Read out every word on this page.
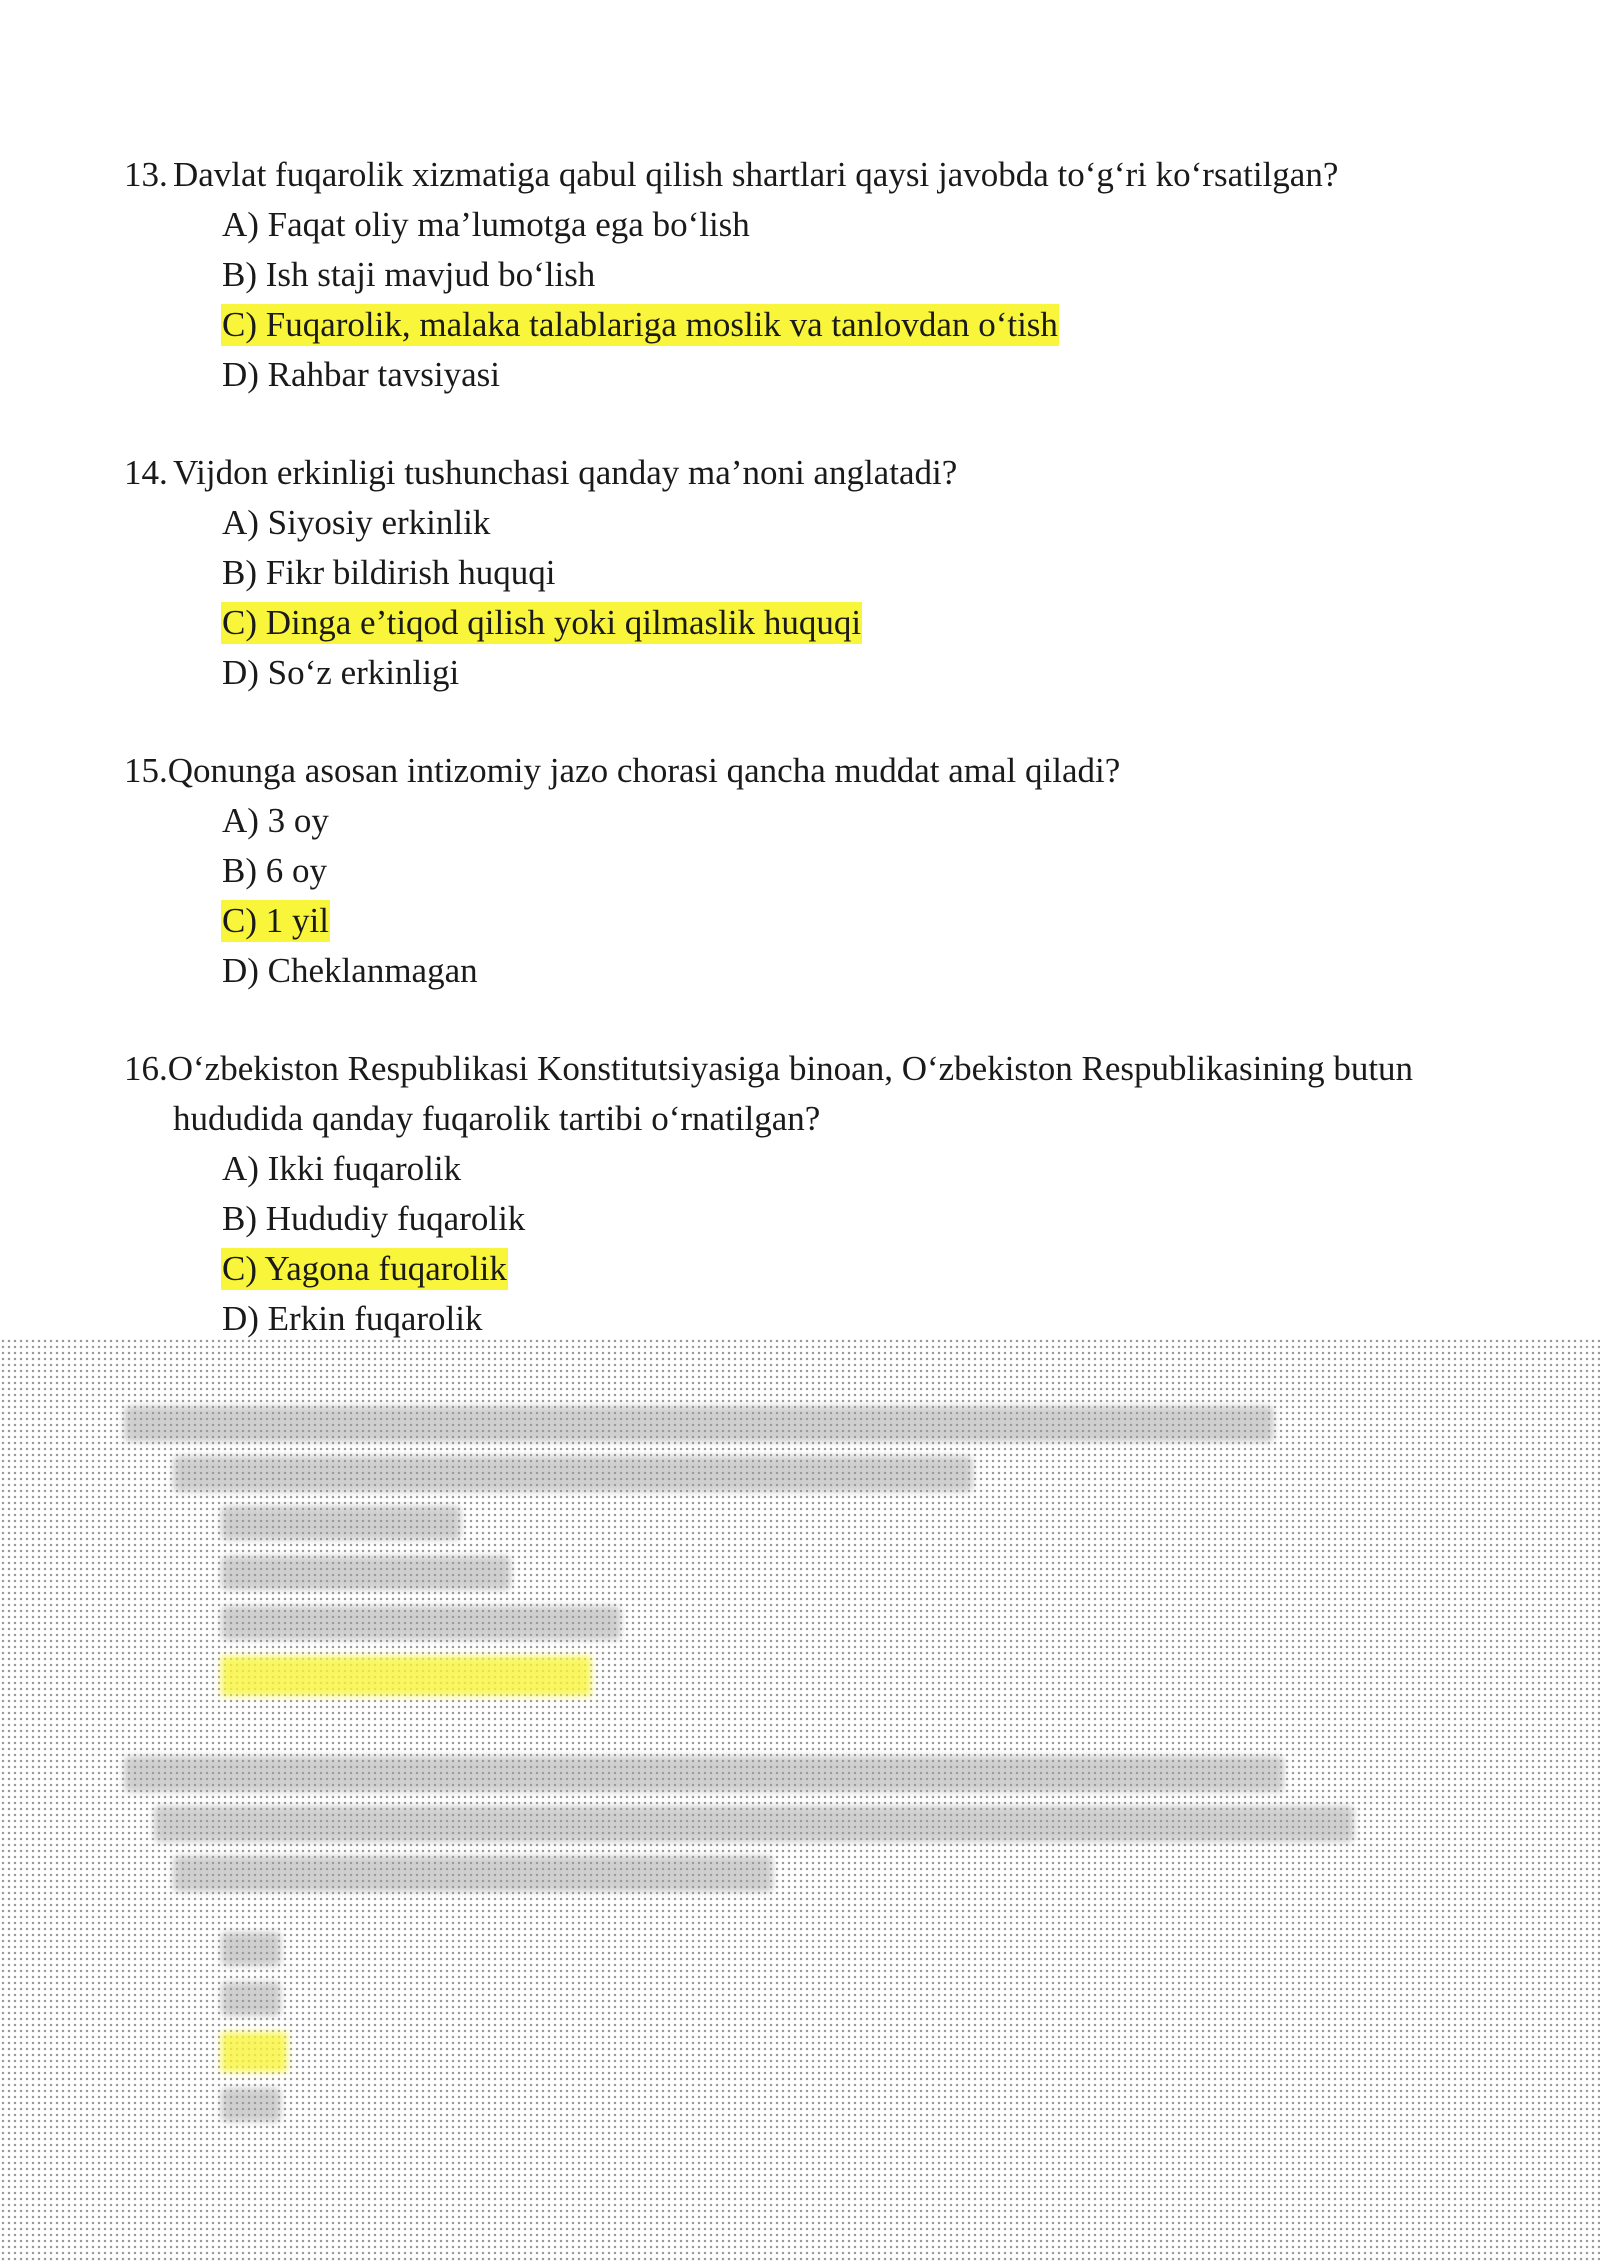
13. Davlat fuqarolik xizmatiga qabul qilish shartlari qaysi javobda to‘g‘ri ko‘rsatilgan?

A) Faqat oliy ma’lumotga ega bo‘lish
B) Ish staji mavjud bo‘lish
C) Fuqarolik, malaka talablariga moslik va tanlovdan o‘tish
D) Rahbar tavsiyasi

14. Vijdon erkinligi tushunchasi qanday ma’noni anglatadi?

A) Siyosiy erkinlik
B) Fikr bildirish huquqi
C) Dinga e’tiqod qilish yoki qilmaslik huquqi
D) So‘z erkinligi

15.Qonunga asosan intizomiy jazo chorasi qancha muddat amal qiladi?

A) 3 oy
B) 6 oy
C) 1 yil
D) Cheklanmagan

16.O‘zbekiston Respublikasi Konstitutsiyasiga binoan, O‘zbekiston Respublikasining butun hududida qanday fuqarolik tartibi o‘rnatilgan?

A) Ikki fuqarolik
B) Hududiy fuqarolik
C) Yagona fuqarolik
D) Erkin fuqarolik
